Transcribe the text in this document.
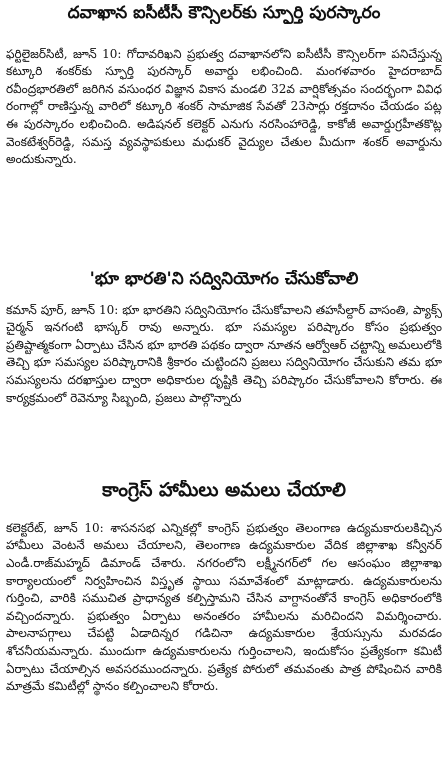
దవాఖాన ఐసీటీసీ కౌన్సిలర్‌కు స్ఫూర్తి పురస్కారం

ఫర్టిలైజర్‌సిటీ, జూన్ 10: గోదావరిఖని ప్రభుత్వ దవాఖానలోని ఐసీటీసీ కౌన్సిలర్‌గా పనిచేస్తున్న కట్కూరి శంకర్‌కు స్ఫూర్తి పురస్కార్ అవార్డు లభించింది. మంగళవారం హైదరాబాద్ రవీంద్రభారతిలో జరిగిన వసుంధర విజ్ఞాన వికాస మండలి 32వ వార్షికోత్సవం సందర్భంగా వివిధ రంగాల్లో రాణిస్తున్న వారిలో కట్కూరి శంకర్ సామాజిక సేవతో 23సార్లు రక్తదానం చేయడం పట్ల ఈ పురస్కారం లభించింది. అడిషనల్ కలెక్టర్ ఎనుగు నరసింహారెడ్డి, కాకోజీ అవార్డుగ్రహీతకొట్ల వెంకటేశ్వర్‌రెడ్డి, సమస్త వ్యవస్థాపకులు మధుకర్ వైద్యుల చేతుల మీదుగా శంకర్ అవార్డును అందుకున్నారు.

'భూ భారతి'ని సద్వినియోగం చేసుకోవాలి

కమాన్ పూర్, జూన్ 10: భూ భారతిని సద్వినియోగం చేసుకోవాలని తహసీల్దార్ వాసంతి, ప్యాక్స్ చైర్మన్ ఇనగంటి భాస్కర్ రావు అన్నారు. భూ సమస్యల పరిష్కారం కోసం ప్రభుత్వం ప్రతిష్టాత్మకంగా ఏర్పాటు చేసిన భూ భారతి పథకం ద్వారా నూతన ఆర్వోఆర్ చట్టాన్ని అమలులోకి తెచ్చి భూ సమస్యల పరిష్కారానికి శ్రీకారం చుట్టిందని ప్రజలు సద్వినియోగం చేసుకుని తమ భూ సమస్యలను దరఖాస్తుల ద్వారా అధికారుల దృష్టికి తెచ్చి పరిష్కారం చేసుకోవాలని కోరారు. ఈ కార్యక్రమంలో రెవెన్యూ సిబ్బంది, ప్రజలు పాల్గొన్నారు

కాంగ్రెస్ హామీలు అమలు చేయాలి

కలెక్టరేట్, జూన్ 10: శాసనసభ ఎన్నికల్లో కాంగ్రెస్ ప్రభుత్వం తెలంగాణ ఉద్యమకారులకిచ్చిన హామీలు వెంటనే అమలు చేయాలని, తెలంగాణ ఉద్యమకారుల వేదిక జిల్లాశాఖ కన్వీనర్ ఎండీ.రాజ్‌మహ్మద్ డిమాండ్ చేశారు. నగరంలోని లక్ష్మీనగర్‌లో గల ఆసంఘం జిల్లాశాఖ కార్యాలయంలో నిర్వహించిన విస్తృత స్థాయి సమావేశంలో మాట్లాడారు. ఉద్యమకారులను గుర్తించి, వారికి సముచిత ప్రాధాన్యత కల్పిస్తామని చేసిన వాగ్దానంతోనే కాంగ్రెస్ అధికారంలోకి వచ్చిందన్నారు. ప్రభుత్వం ఏర్పాటు అనంతరం హామీలను మరిచిందని విమర్శించారు. పాలనాపగ్గాలు చేపట్టి ఏడాదిన్నర గడిచినా ఉద్యమకారుల శ్రేయస్సును మరవడం శోచనీయమన్నారు. ముందుగా ఉద్యమకారులను గుర్తించాలని, ఇందుకోసం ప్రత్యేకంగా కమిటీ ఏర్పాటు చేయాల్సిన అవసరముందన్నారు. ప్రత్యేక పోరులో తమవంతు పాత్ర పోషించిన వారికి మాత్రమే కమిటీల్లో స్థానం కల్పించాలని కోరారు.
